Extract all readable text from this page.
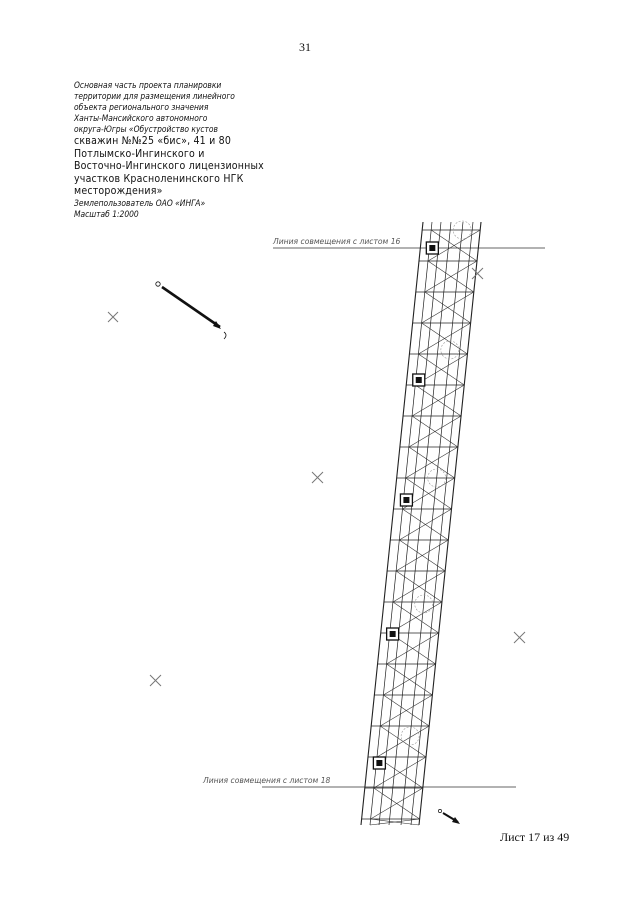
31
Основная часть проекта планировки
территории для размещения линейного
объекта регионального значения
Ханты-Мансийского автономного
округа-Югры «Обустройство кустов
скважин №№25 «бис», 41 и 80
Потлымско-Ингинского и
Восточно-Ингинского лицензионных
участков Красноленинского НГК
месторождения»
Землепользователь ОАО «ИНГА»
Масштаб 1:2000
Линия совмещения с листом 16
Линия совмещения с листом 18
Лист 17 из 49
